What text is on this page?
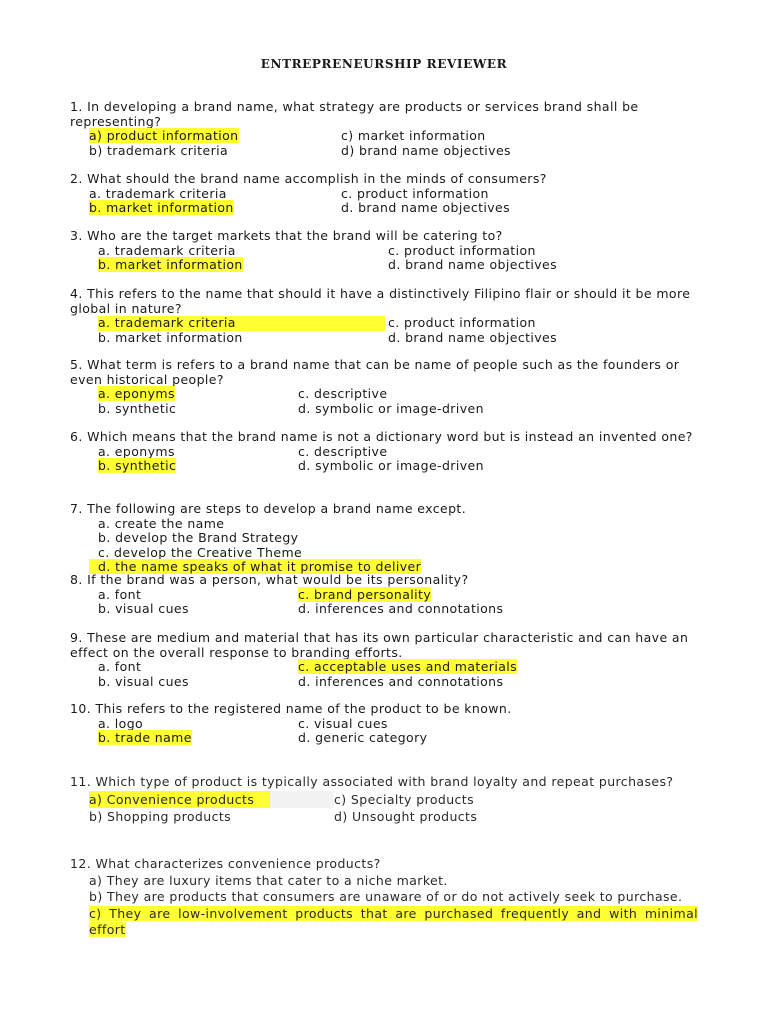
ENTREPRENEURSHIP REVIEWER
1. In developing a brand name, what strategy are products or services brand shall be representing?
a) product information	c) market information
b) trademark criteria	d) brand name objectives
2. What should the brand name accomplish in the minds of consumers?
a. trademark criteria	c. product information
b. market information	d. brand name objectives
3. Who are the target markets that the brand will be catering to?
a. trademark criteria	c. product information
b. market information	d. brand name objectives
4. This refers to the name that should it have a distinctively Filipino flair or should it be more global in nature?
a. trademark criteria	c. product information
b. market information	d. brand name objectives
5. What term is refers to a brand name that can be name of people such as the founders or even historical people?
a. eponyms	c. descriptive
b. synthetic	d. symbolic or image-driven
6. Which means that the brand name is not a dictionary word but is instead an invented one?
a. eponyms	c. descriptive
b. synthetic	d. symbolic or image-driven
7. The following are steps to develop a brand name except.
a. create the name
b. develop the Brand Strategy
c. develop the Creative Theme
d. the name speaks of what it promise to deliver
8. If the brand was a person, what would be its personality?
a. font	c. brand personality
b. visual cues	d. inferences and connotations
9. These are medium and material that has its own particular characteristic and can have an effect on the overall response to branding efforts.
a. font	c. acceptable uses and materials
b. visual cues	d. inferences and connotations
10. This refers to the registered name of the product to be known.
a. logo	c. visual cues
b. trade name	d. generic category
11. Which type of product is typically associated with brand loyalty and repeat purchases?
a) Convenience products	c) Specialty products
b) Shopping products	d) Unsought products
12. What characterizes convenience products?
a) They are luxury items that cater to a niche market.
b) They are products that consumers are unaware of or do not actively seek to purchase.
c) They are low-involvement products that are purchased frequently and with minimal effort
